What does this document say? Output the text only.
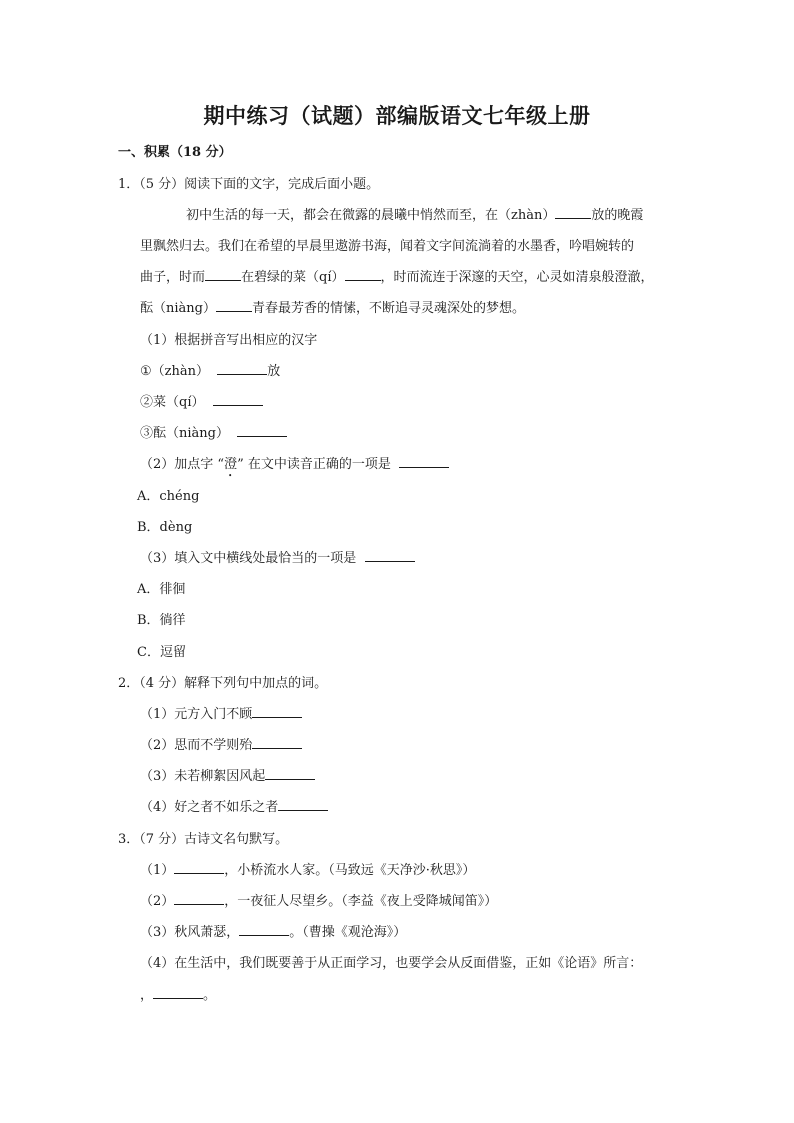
期中练习（试题）部编版语文七年级上册
一、积累（18 分）
1．（5 分）阅读下面的文字，完成后面小题。
初中生活的每一天，都会在微露的晨曦中悄然而至，在（zhàn）	放的晚霞
里飘然归去。我们在希望的早晨里遨游书海，闻着文字间流淌着的水墨香，吟唱婉转的
曲子，时而	在碧绿的菜（qí）	，时而流连于深邃的天空，心灵如清泉般澄澈，
酝（niàng）	青春最芳香的情愫，不断追寻灵魂深处的梦想。
（1）根据拼音写出相应的汉字
①（zhàn）	放
②菜（qí）
③酝（niàng）
（2）加点字 “澄” 在文中读音正确的一项是
A．chéng
B．dèng
（3）填入文中横线处最恰当的一项是
A．徘徊
B．徜徉
C．逗留
2．（4 分）解释下列句中加点的词。
（1）元方入门不顾
（2）思而不学则殆
（3）未若柳絮因风起
（4）好之者不如乐之者
3．（7 分）古诗文名句默写。
（1）	，小桥流水人家。（马致远《天净沙·秋思》）
（2）	，一夜征人尽望乡。（李益《夜上受降城闻笛》）
（3）秋风萧瑟，	。（曹操《观沧海》）
（4）在生活中，我们既要善于从正面学习，也要学会从反面借鉴，正如《论语》所言：
，	。
